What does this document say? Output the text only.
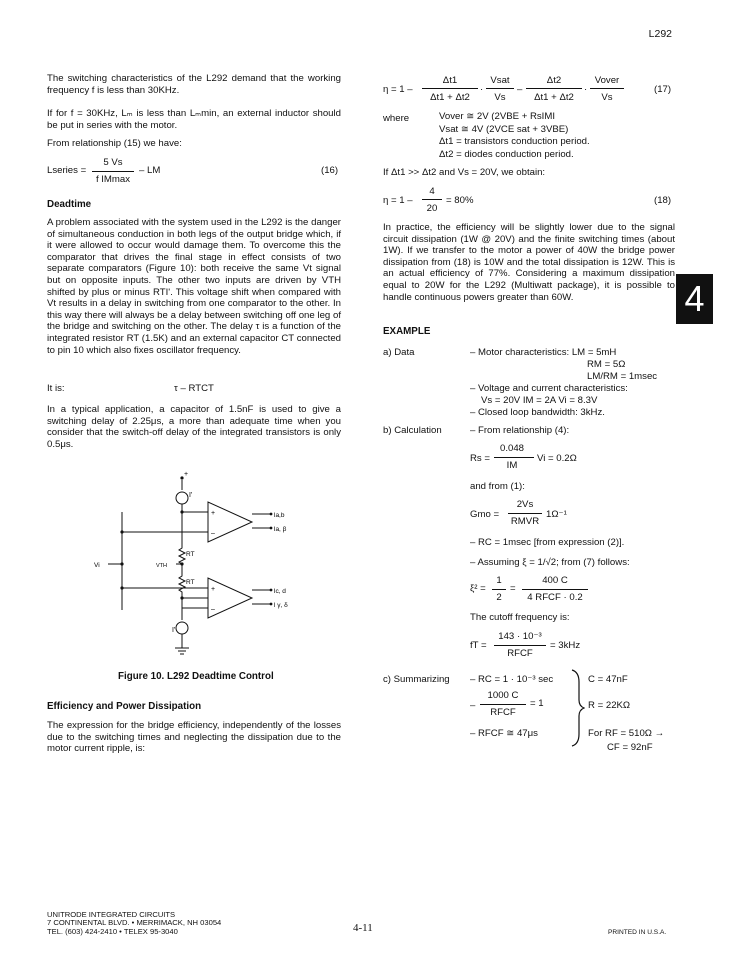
L292
4
The switching characteristics of the L292 demand that the working frequency f is less than 30KHz.
If for f = 30KHz, Lₘ is less than Lₘmin, an external inductor should be put in series with the motor.
From relationship (15) we have:
Lseries =
5 Vs
f IMmax
– LM	(16)
Deadtime
A problem associated with the system used in the L292 is the danger of simultaneous conduction in both legs of the output bridge which, if it were allowed to occur would damage them. To overcome this the comparator that drives the final stage in effect consists of two separate comparators (Figure 10): both receive the same Vt signal but on opposite inputs. The other two inputs are driven by VTH shifted by plus or minus RTI'. This voltage shift when compared with Vt results in a delay in switching from one comparator to the other. In this way there will always be a delay between switching off one leg of the bridge and switching on the other. The delay τ is a function of the integrated resistor RT (1.5K) and an external capacitor CT connected to pin 10 which also fixes oscillator frequency.
It is:	τ – RTCT
In a typical application, a capacitor of 1.5nF is used to give a switching delay of 2.25μs, a more than adequate time when you consider that the switch-off delay of the integrated transistors is only 0.5μs.
+
I'
la,b
la, β
RT
RT
Vi	VTH
lc, d
l γ, δ
I'
+
–
+
–
Figure 10. L292 Deadtime Control
Efficiency and Power Dissipation
The expression for the bridge efficiency, independently of the losses due to the switching times and neglecting the dissipation due to the motor current ripple, is:
η = 1 –
Δt1
Δt1 + Δt2
·
Vsat
Vs
–
Δt2
Δt1 + Δt2
·
Vover
Vs
(17)
where	Vover ≅ 2V (2VBE + RsIMI
Vsat ≅ 4V (2VCE sat + 3VBE)
Δt1 = transistors conduction period.
Δt2 = diodes conduction period.
If Δt1 >> Δt2 and Vs = 20V, we obtain:
η = 1 –
4
20
= 80%	(18)
In practice, the efficiency will be slightly lower due to the signal circuit dissipation (1W @ 20V) and the finite switching times (about 1W). If we transfer to the motor a power of 40W the bridge power dissipation from (18) is 10W and the total dissipation is 12W. This is an actual efficiency of 77%. Considering a maximum dissipation equal to 20W for the L292 (Multiwatt package), it is possible to handle continuous powers greater than 60W.
EXAMPLE
a) Data	– Motor characteristics: LM = 5mH
RM = 5Ω
LM/RM = 1msec
– Voltage and current characteristics:
Vs = 20V IM = 2A Vi = 8.3V
– Closed loop bandwidth: 3kHz.
b) Calculation	– From relationship (4):
Rs =
0.048
IM
Vi = 0.2Ω
and from (1):
Gmo =
2Vs
RMVR
1Ω⁻¹
– RC = 1msec [from expression (2)].
– Assuming ξ = 1/√2; from (7) follows:
ξ² =
1
2
=
400 C
4 RFCF · 0.2
The cutoff frequency is:
fT =
143 · 10⁻³
RFCF
= 3kHz
c) Summarizing – RC = 1 · 10⁻³ sec
1000 C
–
RFCF
= 1
– RFCF ≅ 47μs
C = 47nF
R = 22KΩ
For RF = 510Ω →
CF = 92nF
UNITRODE INTEGRATED CIRCUITS
7 CONTINENTAL BLVD. • MERRIMACK, NH 03054
TEL. (603) 424-2410 • TELEX 95-3040	4-11	PRINTED IN U.S.A.
